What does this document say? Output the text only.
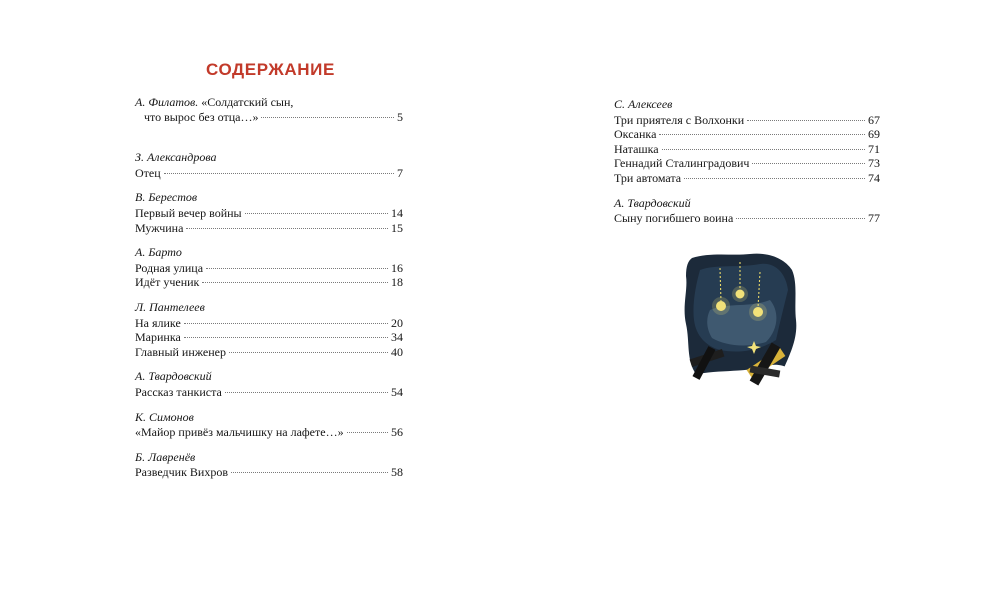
СОДЕРЖАНИЕ
А. Филатов. «Солдатский сын,
что вырос без отца…»	5
З. Александрова
Отец	7
В. Берестов
Первый вечер войны	14
Мужчина	15
А. Барто
Родная улица	16
Идёт ученик	18
Л. Пантелеев
На ялике	20
Маринка	34
Главный инженер	40
А. Твардовский
Рассказ танкиста	54
К. Симонов
«Майор привёз мальчишку на лафете…»	56
Б. Лавренёв
Разведчик Вихров	58
С. Алексеев
Три приятеля с Волхонки	67
Оксанка	69
Наташка	71
Геннадий Сталинградович	73
Три автомата	74
А. Твардовский
Сыну погибшего воина	77
